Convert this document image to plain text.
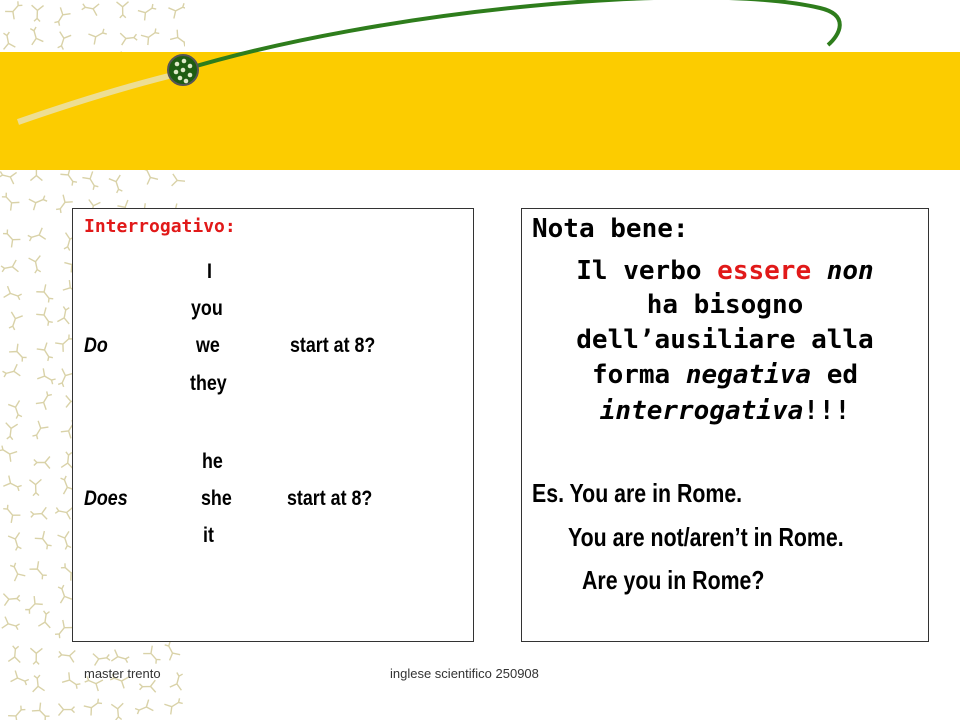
Interrogativo:
I
you
Do	we	start at 8?
they
he
Does	she	start at 8?
it
Nota bene:
Il verbo essere non
ha bisogno
dell’ausiliare alla
forma negativa ed
interrogativa!!!
Es. You are in Rome.
You are not/aren’t in Rome.
Are you in Rome?
master trento	inglese scientifico 250908
